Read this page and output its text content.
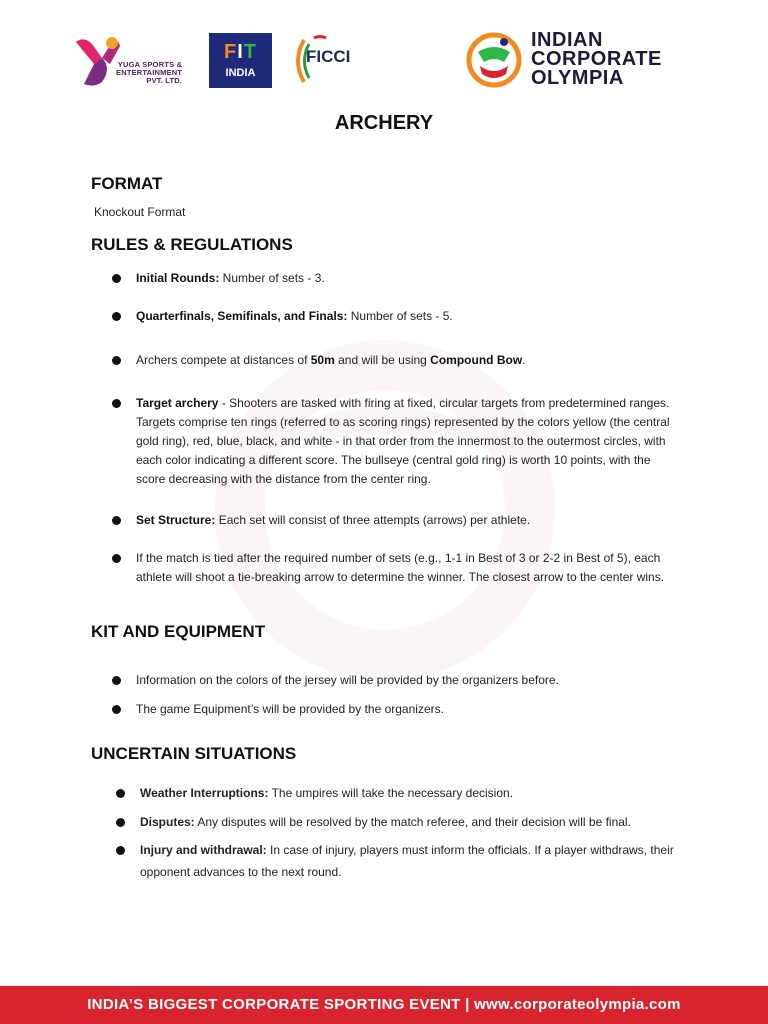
YUGA SPORTS &
ENTERTAINMENT
PVT. LTD.
FIT
INDIA
FICCI
INDIAN
CORPORATE
OLYMPIA
ARCHERY
FORMAT
Knockout Format
RULES & REGULATIONS
Initial Rounds: Number of sets - 3.
Quarterfinals, Semifinals, and Finals: Number of sets - 5.
Archers compete at distances of 50m and will be using Compound Bow.
Target archery - Shooters are tasked with firing at fixed, circular targets from predetermined ranges. Targets comprise ten rings (referred to as scoring rings) represented by the colors yellow (the central gold ring), red, blue, black, and white - in that order from the innermost to the outermost circles, with each color indicating a different score. The bullseye (central gold ring) is worth 10 points, with the score decreasing with the distance from the center ring.
Set Structure: Each set will consist of three attempts (arrows) per athlete.
If the match is tied after the required number of sets (e.g., 1-1 in Best of 3 or 2-2 in Best of 5), each athlete will shoot a tie-breaking arrow to determine the winner. The closest arrow to the center wins.
KIT AND EQUIPMENT
Information on the colors of the jersey will be provided by the organizers before.
The game Equipment’s will be provided by the organizers.
UNCERTAIN SITUATIONS
Weather Interruptions: The umpires will take the necessary decision.
Disputes: Any disputes will be resolved by the match referee, and their decision will be final.
Injury and withdrawal: In case of injury, players must inform the officials. If a player withdraws, their opponent advances to the next round.
INDIA’S BIGGEST CORPORATE SPORTING EVENT | www.corporateolympia.com
